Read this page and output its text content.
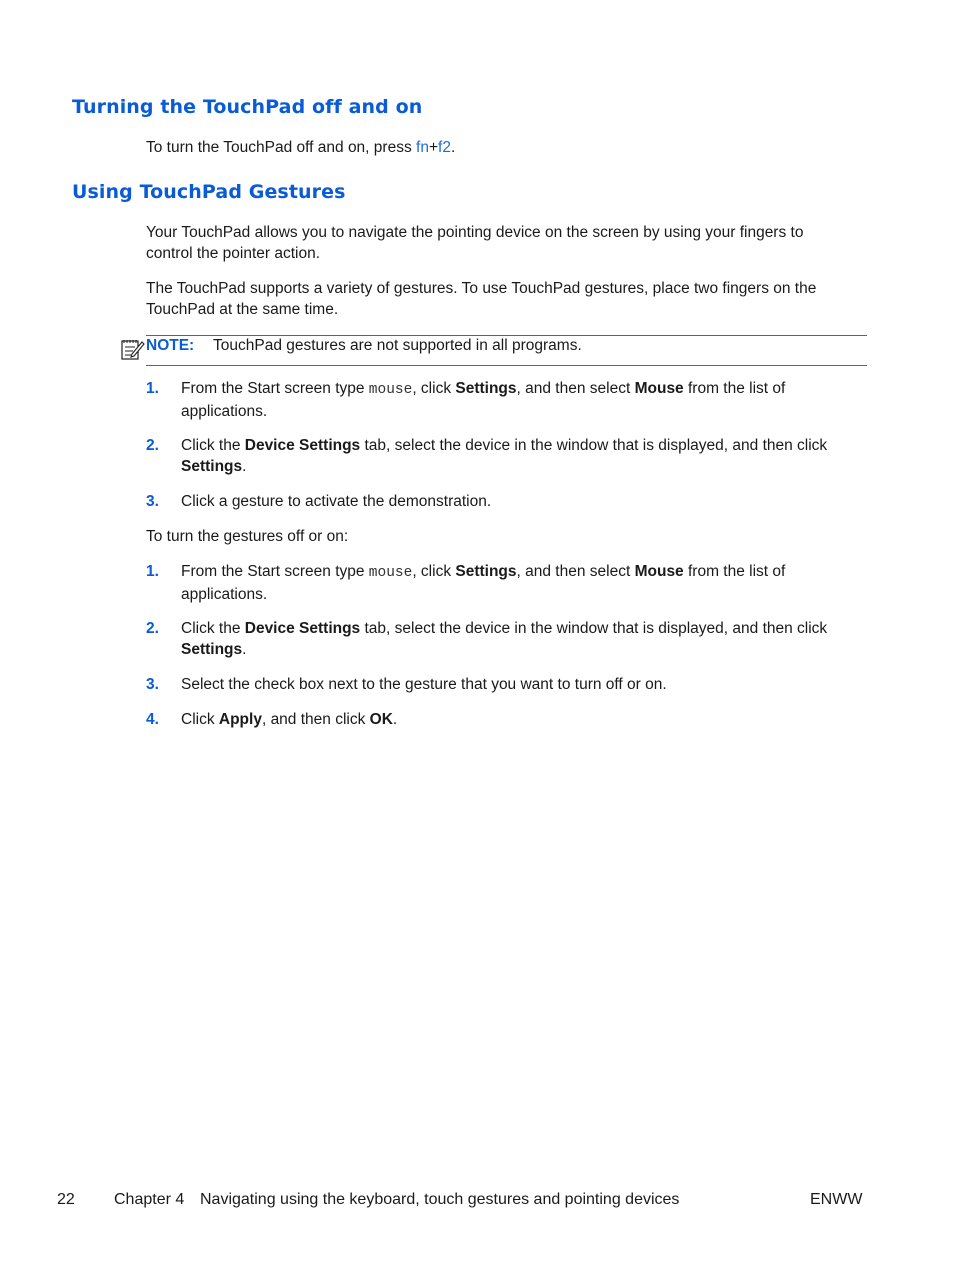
Turning the TouchPad off and on

To turn the TouchPad off and on, press fn+f2.

Using TouchPad Gestures

Your TouchPad allows you to navigate the pointing device on the screen by using your fingers to control the pointer action.

The TouchPad supports a variety of gestures. To use TouchPad gestures, place two fingers on the TouchPad at the same time.

NOTE: TouchPad gestures are not supported in all programs.
1. From the Start screen type mouse, click Settings, and then select Mouse from the list of applications.

2. Click the Device Settings tab, select the device in the window that is displayed, and then click Settings.

3. Click a gesture to activate the demonstration.

To turn the gestures off or on:

1. From the Start screen type mouse, click Settings, and then select Mouse from the list of applications.

2. Click the Device Settings tab, select the device in the window that is displayed, and then click Settings.

3. Select the check box next to the gesture that you want to turn off or on.

4. Click Apply, and then click OK.

22 Chapter 4 Navigating using the keyboard, touch gestures and pointing devices	ENWW
